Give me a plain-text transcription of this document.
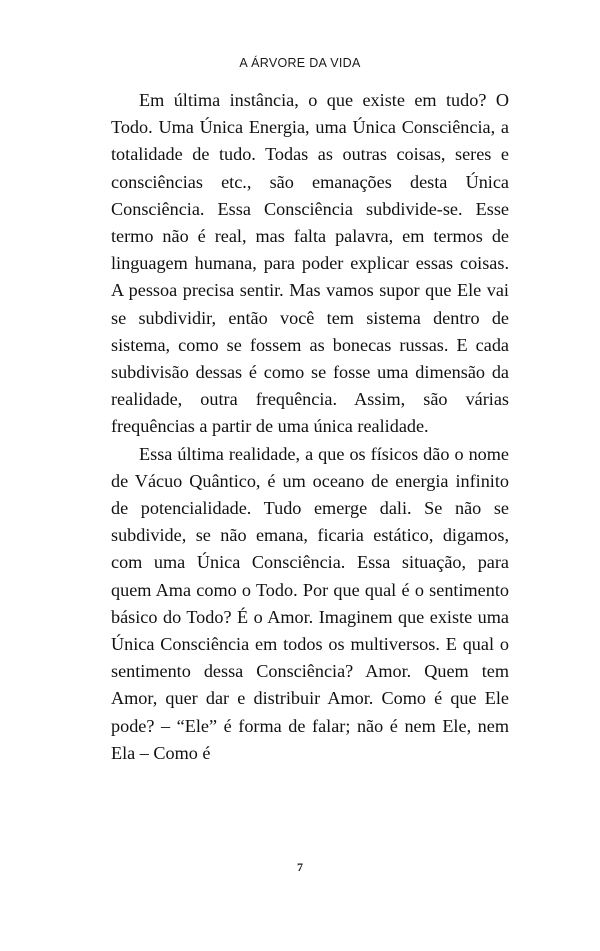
A ÁRVORE DA VIDA

Em última instância, o que existe em tudo? O Todo. Uma Única Energia, uma Única Consciência, a totalidade de tudo. Todas as outras coisas, seres e consciências etc., são emanações desta Única Consciência. Essa Consciência subdivide-se. Esse termo não é real, mas falta palavra, em termos de linguagem humana, para poder explicar essas coisas. A pessoa precisa sentir. Mas vamos supor que Ele vai se subdividir, então você tem sistema dentro de sistema, como se fossem as bonecas russas. E cada subdivisão dessas é como se fosse uma dimensão da realidade, outra frequência. Assim, são várias frequências a partir de uma única realidade.

Essa última realidade, a que os físicos dão o nome de Vácuo Quântico, é um oceano de energia infinito de potencialidade. Tudo emerge dali. Se não se subdivide, se não emana, ficaria estático, digamos, com uma Única Consciência. Essa situação, para quem Ama como o Todo. Por que qual é o sentimento básico do Todo? É o Amor. Imaginem que existe uma Única Consciência em todos os multiversos. E qual o sentimento dessa Consciência? Amor. Quem tem Amor, quer dar e distribuir Amor. Como é que Ele pode? – “Ele” é forma de falar; não é nem Ele, nem Ela – Como é

7
